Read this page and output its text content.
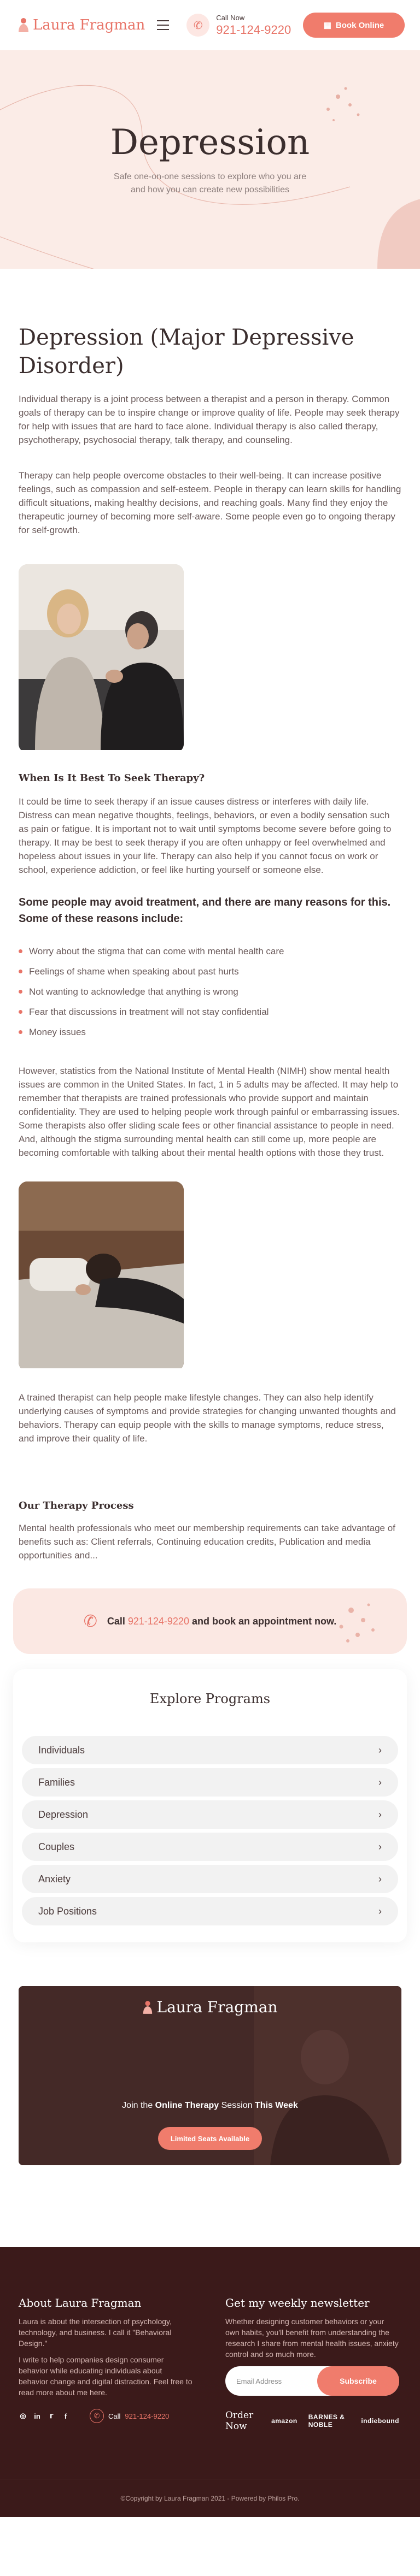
Laura Fragman	✆
Call Now
921-124-9220	▦ Book Online
Depression

Safe one-on-one sessions to explore who you are
and how you can create new possibilities

Depression (Major Depressive Disorder)

Individual therapy is a joint process between a therapist and a person in therapy. Common goals of therapy can be to inspire change or improve quality of life. People may seek therapy for help with issues that are hard to face alone. Individual therapy is also called therapy, psychotherapy, psychosocial therapy, talk therapy, and counseling.

Therapy can help people overcome obstacles to their well-being. It can increase positive feelings, such as compassion and self-esteem. People in therapy can learn skills for handling difficult situations, making healthy decisions, and reaching goals. Many find they enjoy the therapeutic journey of becoming more self-aware. Some people even go to ongoing therapy for self-growth.

When Is It Best To Seek Therapy?

It could be time to seek therapy if an issue causes distress or interferes with daily life. Distress can mean negative thoughts, feelings, behaviors, or even a bodily sensation such as pain or fatigue. It is important not to wait until symptoms become severe before going to therapy. It may be best to seek therapy if you are often unhappy or feel overwhelmed and hopeless about issues in your life. Therapy can also help if you cannot focus on work or school, experience addiction, or feel like hurting yourself or someone else.

Some people may avoid treatment, and there are many reasons for this. Some of these reasons include:

Worry about the stigma that can come with mental health care
Feelings of shame when speaking about past hurts
Not wanting to acknowledge that anything is wrong
Fear that discussions in treatment will not stay confidential
Money issues

However, statistics from the National Institute of Mental Health (NIMH) show mental health issues are common in the United States. In fact, 1 in 5 adults may be affected. It may help to remember that therapists are trained professionals who provide support and maintain confidentiality. They are used to helping people work through painful or embarrassing issues. Some therapists also offer sliding scale fees or other financial assistance to people in need. And, although the stigma surrounding mental health can still come up, more people are becoming comfortable with talking about their mental health options with those they trust.

A trained therapist can help people make lifestyle changes. They can also help identify underlying causes of symptoms and provide strategies for changing unwanted thoughts and behaviors. Therapy can equip people with the skills to manage symptoms, reduce stress, and improve their quality of life.

Our Therapy Process

Mental health professionals who meet our membership requirements can take advantage of benefits such as: Client referrals, Continuing education credits, Publication and media opportunities and...

✆ Call 921-124-9220 and book an appointment now.
Explore Programs
Individuals	›
Families	›
Depression	›
Couples	›
Anxiety	›
Job Positions	›
Laura Fragman
Join the Online Therapy Session This Week
Limited Seats Available
About Laura Fragman

Laura is about the intersection of psychology, technology, and business. I call it "Behavioral Design."

I write to help companies design consumer behavior while educating individuals about behavior change and digital distraction. Feel free to read more about me here.

◎ in	𝕣	f	✆	Call 921-124-9220
Get my weekly newsletter

Whether designing customer behaviors or your own habits, you'll benefit from understanding the research I share from mental health issues, anxiety control and so much more.

Email Address	Subscribe
Order Now	amazon BARNES & NOBLE	indiebound
©Copyright by Laura Fragman 2021 - Powered by Philos Pro.
